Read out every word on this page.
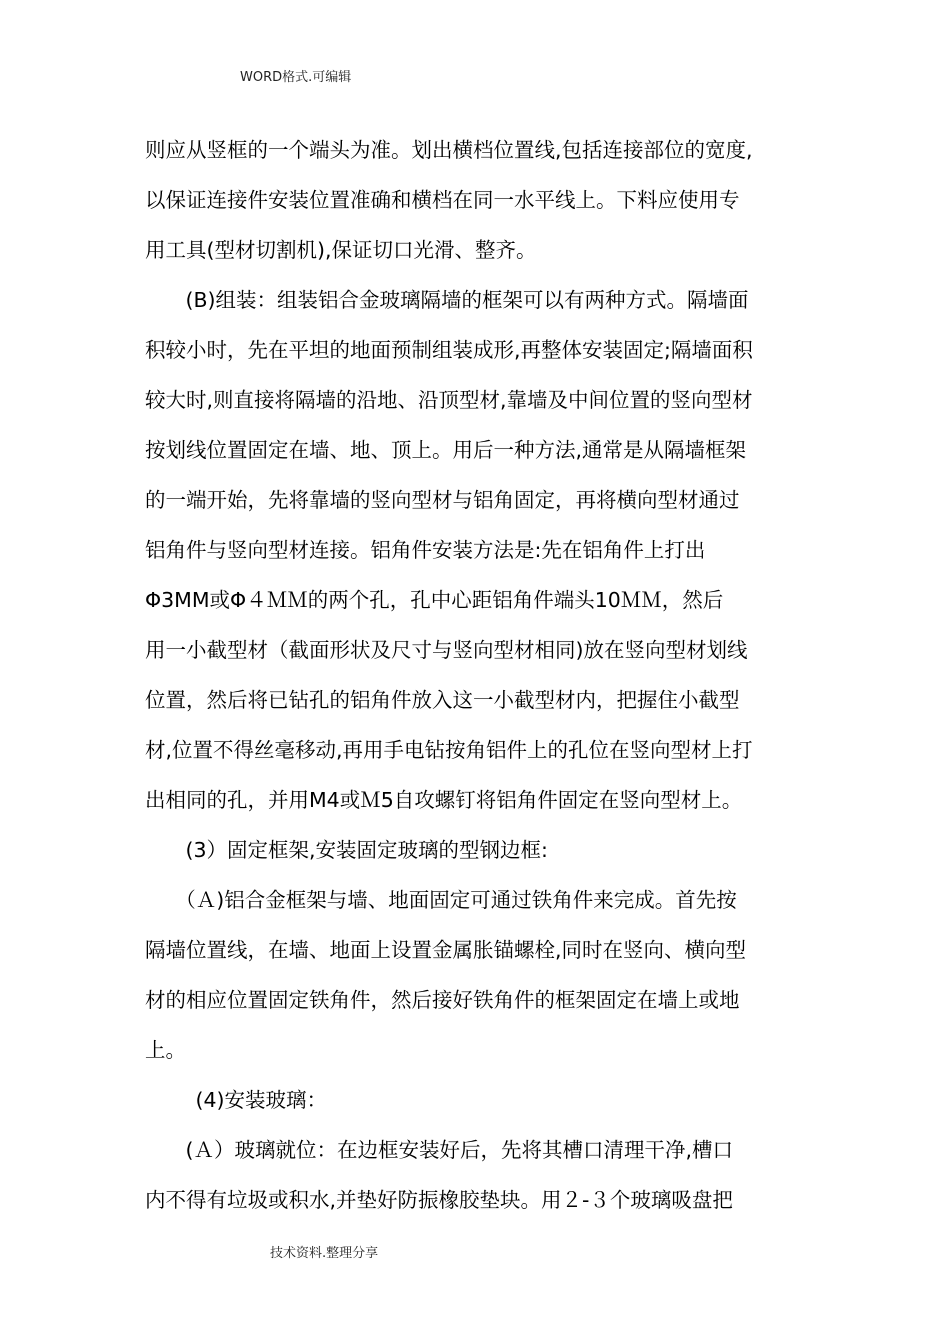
WORD格式.可编辑
则应从竖框的一个端头为准。划出横档位置线,包括连接部位的宽度,
以保证连接件安装位置准确和横档在同一水平线上。下料应使用专
用工具(型材切割机),保证切口光滑、整齐。
　(B)组装：组装铝合金玻璃隔墙的框架可以有两种方式。隔墙面
积较小时，先在平坦的地面预制组装成形,再整体安装固定;隔墙面积
较大时,则直接将隔墙的沿地、沿顶型材,靠墙及中间位置的竖向型材
按划线位置固定在墙、地、顶上。用后一种方法,通常是从隔墙框架
的一端开始，先将靠墙的竖向型材与铝角固定，再将横向型材通过
铝角件与竖向型材连接。铝角件安装方法是:先在铝角件上打出
Φ3MM或Φ４ＭＭ的两个孔，孔中心距铝角件端头10ＭＭ，然后
用一小截型材（截面形状及尺寸与竖向型材相同)放在竖向型材划线
位置，然后将已钻孔的铝角件放入这一小截型材内，把握住小截型
材,位置不得丝毫移动,再用手电钻按角铝件上的孔位在竖向型材上打
出相同的孔，并用M4或Ｍ5自攻螺钉将铝角件固定在竖向型材上。
　(3）固定框架,安装固定玻璃的型钢边框:
　（Ａ)铝合金框架与墙、地面固定可通过铁角件来完成。首先按
隔墙位置线，在墙、地面上设置金属胀锚螺栓,同时在竖向、横向型
材的相应位置固定铁角件，然后接好铁角件的框架固定在墙上或地
上。
　(4)安装玻璃：
　(Ａ）玻璃就位：在边框安装好后，先将其槽口清理干净,槽口
内不得有垃圾或积水,并垫好防振橡胶垫块。用２-３个玻璃吸盘把
技术资料.整理分享
